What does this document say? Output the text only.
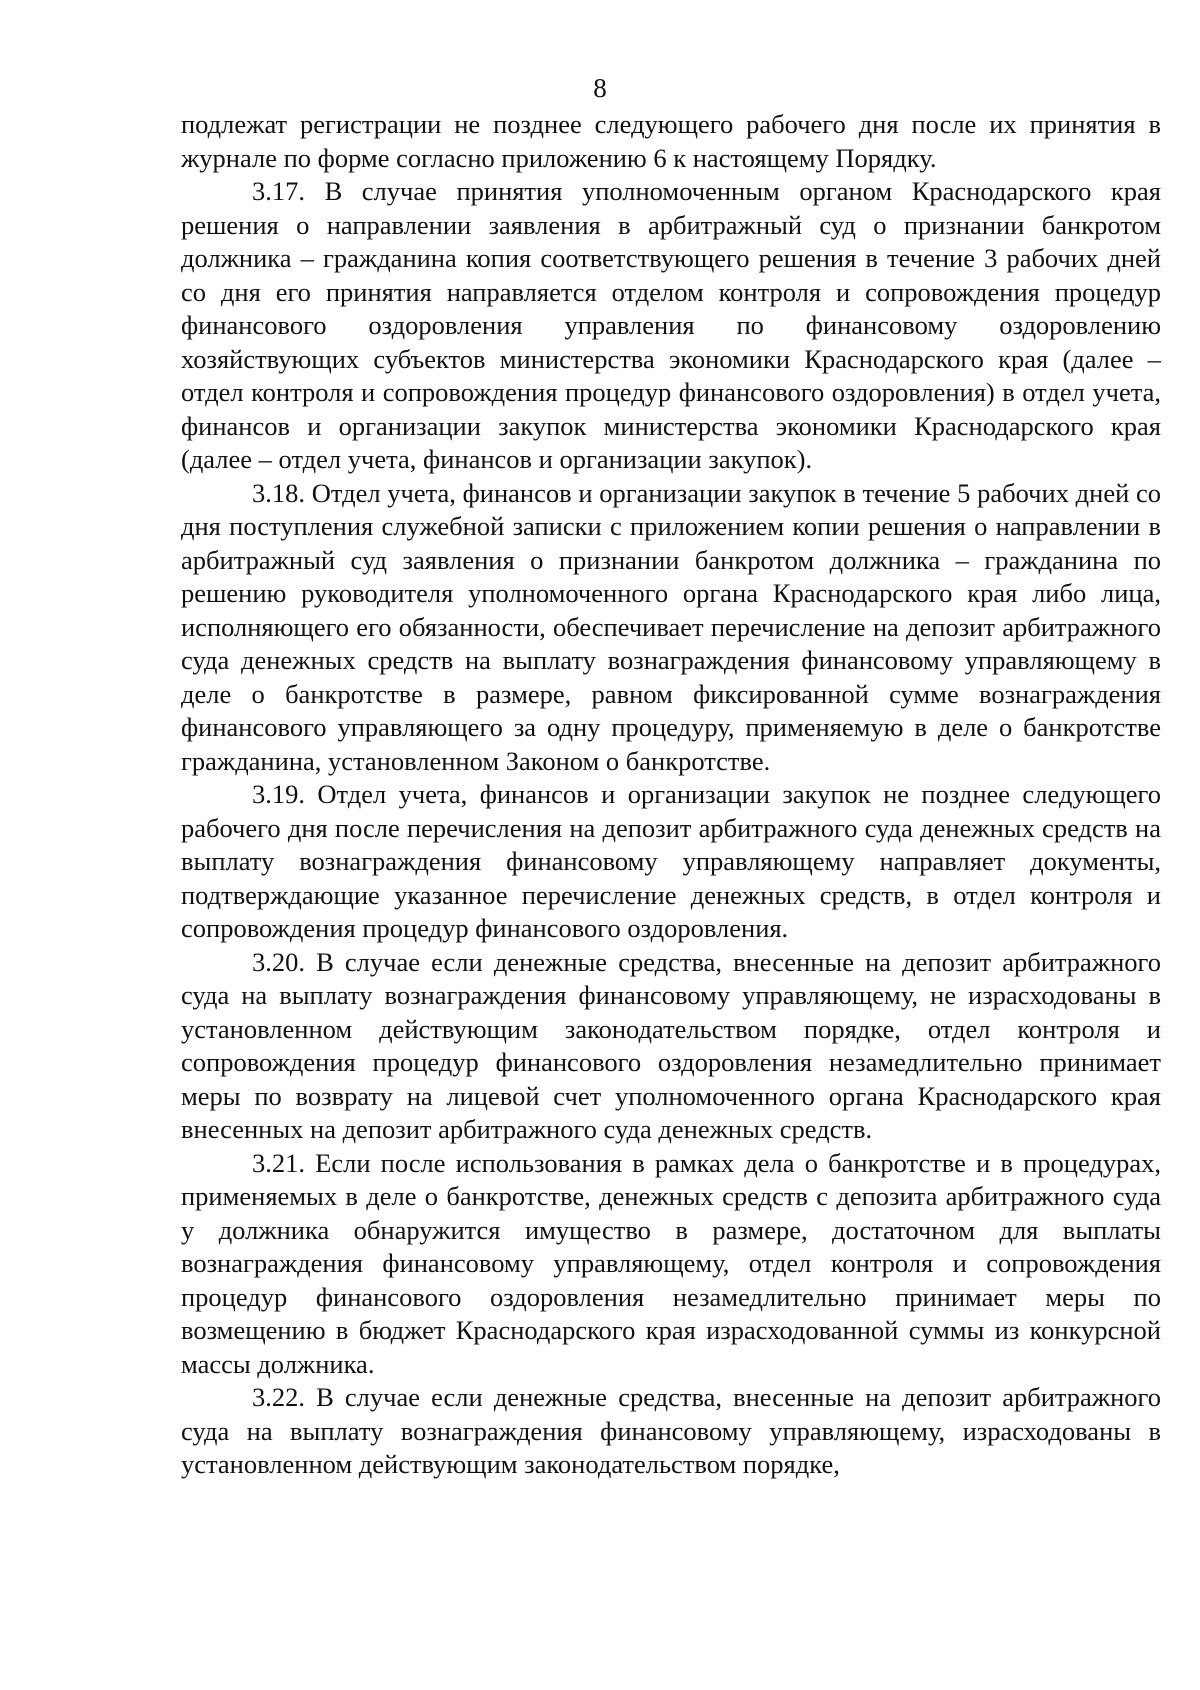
8

подлежат регистрации не позднее следующего рабочего дня после их принятия в журнале по форме согласно приложению 6 к настоящему Порядку.

3.17. В случае принятия уполномоченным органом Краснодарского края решения о направлении заявления в арбитражный суд о признании банкротом должника – гражданина копия соответствующего решения в течение 3 рабочих дней со дня его принятия направляется отделом контроля и сопровождения процедур финансового оздоровления управления по финансовому оздоровлению хозяйствующих субъектов министерства экономики Краснодарского края (далее – отдел контроля и сопровождения процедур финансового оздоровления) в отдел учета, финансов и организации закупок министерства экономики Краснодарского края (далее – отдел учета, финансов и организации закупок).

3.18. Отдел учета, финансов и организации закупок в течение 5 рабочих дней со дня поступления служебной записки с приложением копии решения о направлении в арбитражный суд заявления о признании банкротом должника – гражданина по решению руководителя уполномоченного органа Краснодарского края либо лица, исполняющего его обязанности, обеспечивает перечисление на депозит арбитражного суда денежных средств на выплату вознаграждения финансовому управляющему в деле о банкротстве в размере, равном фиксированной сумме вознаграждения финансового управляющего за одну процедуру, применяемую в деле о банкротстве гражданина, установленном Законом о банкротстве.

3.19. Отдел учета, финансов и организации закупок не позднее следующего рабочего дня после перечисления на депозит арбитражного суда денежных средств на выплату вознаграждения финансовому управляющему направляет документы, подтверждающие указанное перечисление денежных средств, в отдел контроля и сопровождения процедур финансового оздоровления.

3.20. В случае если денежные средства, внесенные на депозит арбитражного суда на выплату вознаграждения финансовому управляющему, не израсходованы в установленном действующим законодательством порядке, отдел контроля и сопровождения процедур финансового оздоровления незамедлительно принимает меры по возврату на лицевой счет уполномоченного органа Краснодарского края внесенных на депозит арбитражного суда денежных средств.

3.21. Если после использования в рамках дела о банкротстве и в процедурах, применяемых в деле о банкротстве, денежных средств с депозита арбитражного суда у должника обнаружится имущество в размере, достаточном для выплаты вознаграждения финансовому управляющему, отдел контроля и сопровождения процедур финансового оздоровления незамедлительно принимает меры по возмещению в бюджет Краснодарского края израсходованной суммы из конкурсной массы должника.

3.22. В случае если денежные средства, внесенные на депозит арбитражного суда на выплату вознаграждения финансовому управляющему, израсходованы в установленном действующим законодательством порядке,
